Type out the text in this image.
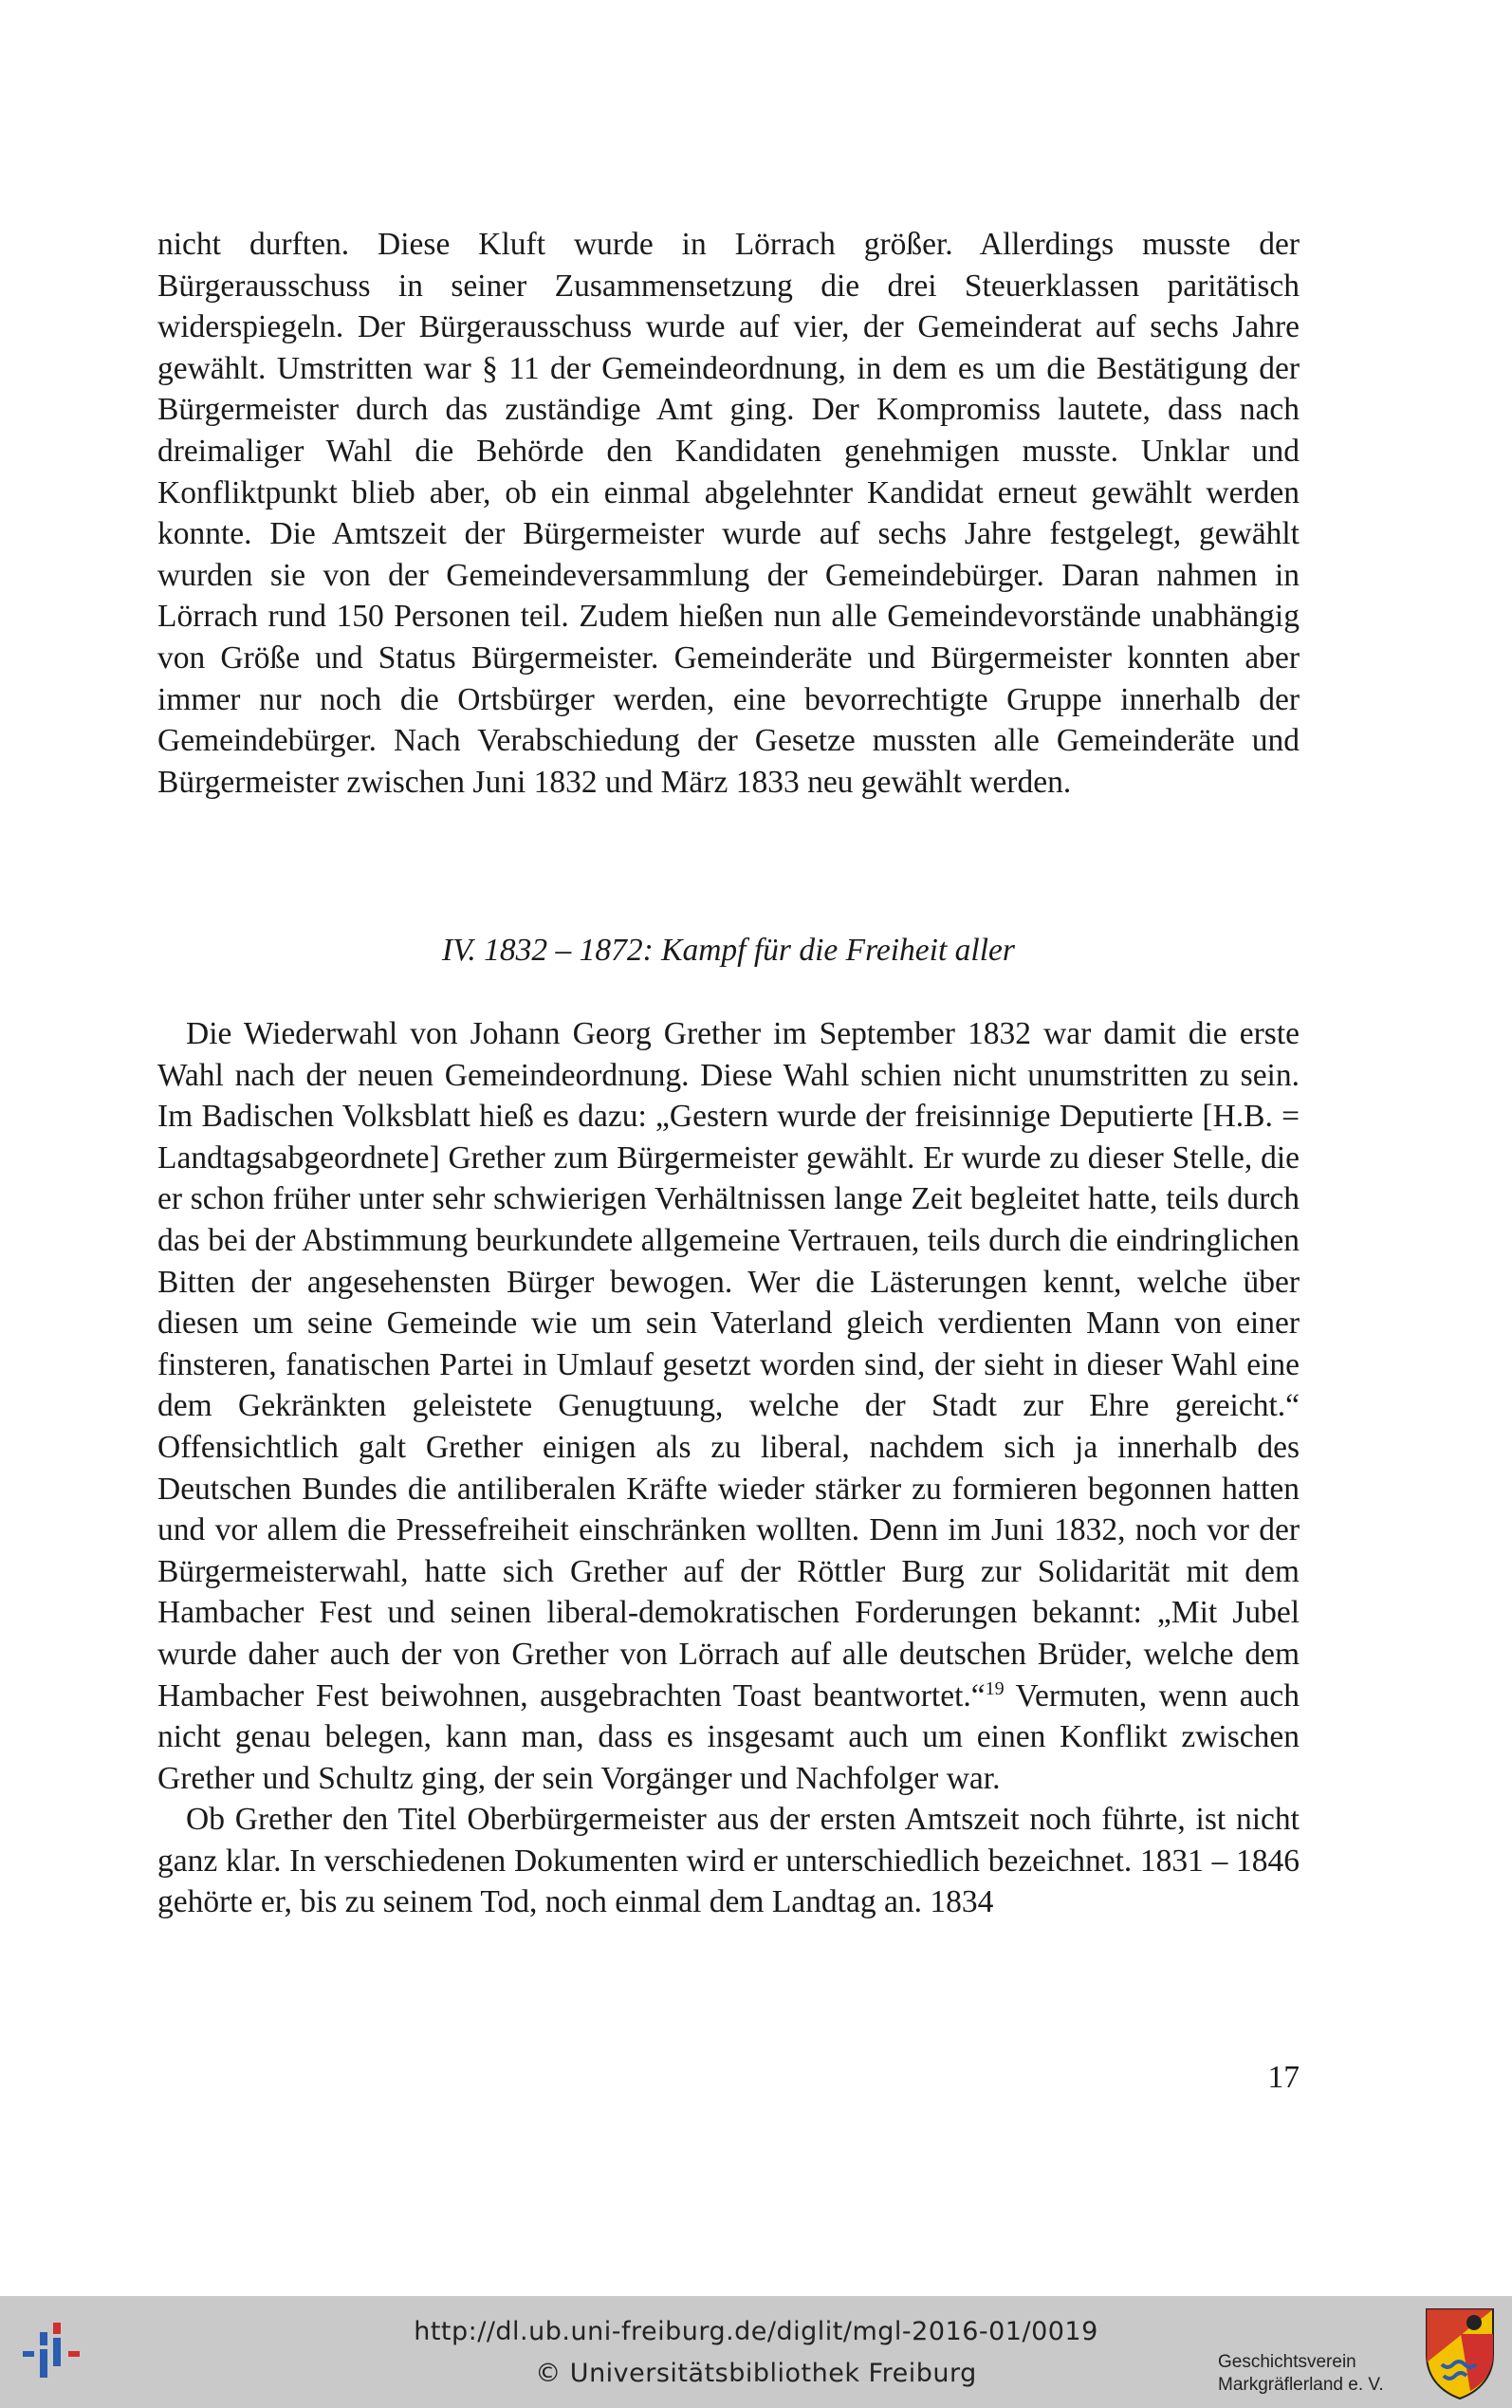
nicht durften. Diese Kluft wurde in Lörrach größer. Allerdings musste der Bürgerausschuss in seiner Zusammensetzung die drei Steuerklassen paritätisch widerspiegeln. Der Bürgerausschuss wurde auf vier, der Gemeinderat auf sechs Jahre gewählt. Umstritten war § 11 der Gemeindeordnung, in dem es um die Bestätigung der Bürgermeister durch das zuständige Amt ging. Der Kompromiss lautete, dass nach dreimaliger Wahl die Behörde den Kandidaten genehmigen musste. Unklar und Konfliktpunkt blieb aber, ob ein einmal abgelehnter Kandidat erneut gewählt werden konnte. Die Amtszeit der Bürgermeister wurde auf sechs Jahre festgelegt, gewählt wurden sie von der Gemeindeversammlung der Gemeindebürger. Daran nahmen in Lörrach rund 150 Personen teil. Zudem hießen nun alle Gemeindevorstände unabhängig von Größe und Status Bürgermeister. Gemeinderäte und Bürgermeister konnten aber immer nur noch die Ortsbürger werden, eine bevorrechtigte Gruppe innerhalb der Gemeindebürger. Nach Verabschiedung der Gesetze mussten alle Gemeinderäte und Bürgermeister zwischen Juni 1832 und März 1833 neu gewählt werden.

IV. 1832 – 1872: Kampf für die Freiheit aller

Die Wiederwahl von Johann Georg Grether im September 1832 war damit die erste Wahl nach der neuen Gemeindeordnung. Diese Wahl schien nicht unumstritten zu sein. Im Badischen Volksblatt hieß es dazu: „Gestern wurde der freisinnige Deputierte [H.B. = Landtagsabgeordnete] Grether zum Bürgermeister gewählt. Er wurde zu dieser Stelle, die er schon früher unter sehr schwierigen Verhältnissen lange Zeit begleitet hatte, teils durch das bei der Abstimmung beurkundete allgemeine Vertrauen, teils durch die eindringlichen Bitten der angesehensten Bürger bewogen. Wer die Lästerungen kennt, welche über diesen um seine Gemeinde wie um sein Vaterland gleich verdienten Mann von einer finsteren, fanatischen Partei in Umlauf gesetzt worden sind, der sieht in dieser Wahl eine dem Gekränkten geleistete Genugtuung, welche der Stadt zur Ehre gereicht.“ Offensichtlich galt Grether einigen als zu liberal, nachdem sich ja innerhalb des Deutschen Bundes die antiliberalen Kräfte wieder stärker zu formieren begonnen hatten und vor allem die Pressefreiheit einschränken wollten. Denn im Juni 1832, noch vor der Bürgermeisterwahl, hatte sich Grether auf der Röttler Burg zur Solidarität mit dem Hambacher Fest und seinen liberal-demokratischen Forderungen bekannt: „Mit Jubel wurde daher auch der von Grether von Lörrach auf alle deutschen Brüder, welche dem Hambacher Fest beiwohnen, ausgebrachten Toast beantwortet.“$^{19}$ Vermuten, wenn auch nicht genau belegen, kann man, dass es insgesamt auch um einen Konflikt zwischen Grether und Schultz ging, der sein Vorgänger und Nachfolger war.

Ob Grether den Titel Oberbürgermeister aus der ersten Amtszeit noch führte, ist nicht ganz klar. In verschiedenen Dokumenten wird er unterschiedlich bezeichnet. 1831 – 1846 gehörte er, bis zu seinem Tod, noch einmal dem Landtag an. 1834

17
http://dl.ub.uni-freiburg.de/diglit/mgl-2016-01/0019
© Universitätsbibliothek Freiburg	Geschichtsverein
Markgräflerland e. V.
